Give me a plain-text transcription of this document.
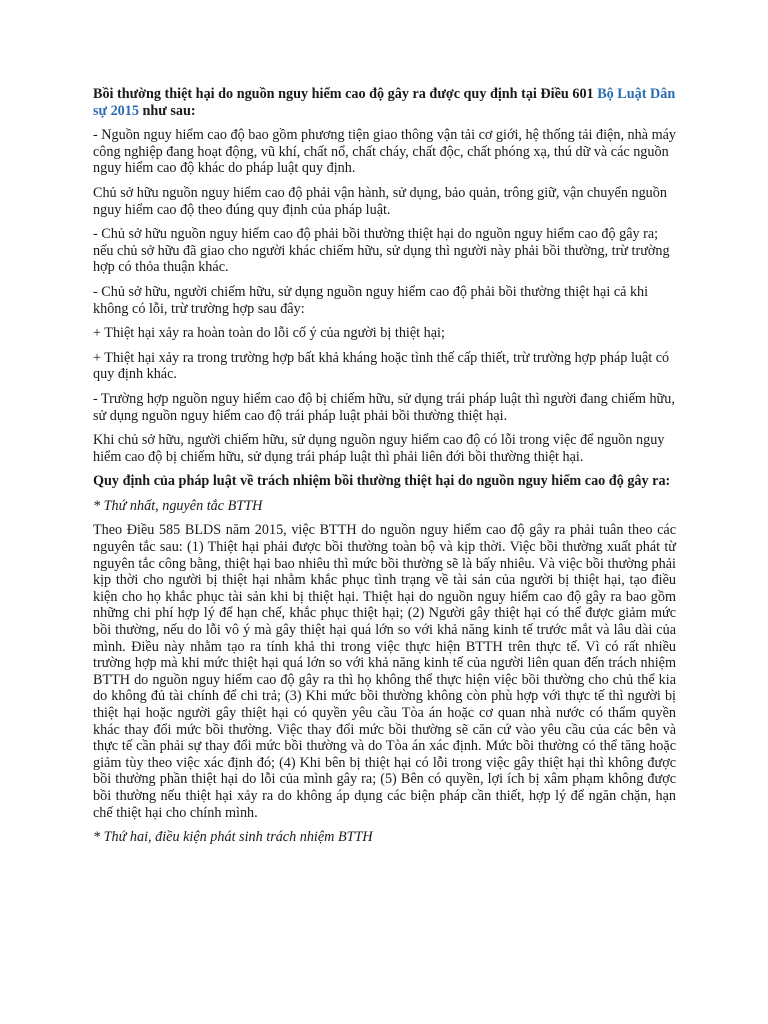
Bồi thường thiệt hại do nguồn nguy hiểm cao độ gây ra được quy định tại Điều 601 Bộ Luật Dân sự 2015 như sau:

- Nguồn nguy hiểm cao độ bao gồm phương tiện giao thông vận tải cơ giới, hệ thống tải điện, nhà máy công nghiệp đang hoạt động, vũ khí, chất nổ, chất cháy, chất độc, chất phóng xạ, thú dữ và các nguồn nguy hiểm cao độ khác do pháp luật quy định.

Chủ sở hữu nguồn nguy hiểm cao độ phải vận hành, sử dụng, bảo quản, trông giữ, vận chuyển nguồn nguy hiểm cao độ theo đúng quy định của pháp luật.

- Chủ sở hữu nguồn nguy hiểm cao độ phải bồi thường thiệt hại do nguồn nguy hiểm cao độ gây ra; nếu chủ sở hữu đã giao cho người khác chiếm hữu, sử dụng thì người này phải bồi thường, trừ trường hợp có thỏa thuận khác.

- Chủ sở hữu, người chiếm hữu, sử dụng nguồn nguy hiểm cao độ phải bồi thường thiệt hại cả khi không có lỗi, trừ trường hợp sau đây:

+ Thiệt hại xảy ra hoàn toàn do lỗi cố ý của người bị thiệt hại;

+ Thiệt hại xảy ra trong trường hợp bất khả kháng hoặc tình thế cấp thiết, trừ trường hợp pháp luật có quy định khác.

- Trường hợp nguồn nguy hiểm cao độ bị chiếm hữu, sử dụng trái pháp luật thì người đang chiếm hữu, sử dụng nguồn nguy hiểm cao độ trái pháp luật phải bồi thường thiệt hại.

Khi chủ sở hữu, người chiếm hữu, sử dụng nguồn nguy hiểm cao độ có lỗi trong việc để nguồn nguy hiểm cao độ bị chiếm hữu, sử dụng trái pháp luật thì phải liên đới bồi thường thiệt hại.

Quy định của pháp luật về trách nhiệm bồi thường thiệt hại do nguồn nguy hiểm cao độ gây ra:

* Thứ nhất, nguyên tắc BTTH

Theo Điều 585 BLDS năm 2015, việc BTTH do nguồn nguy hiểm cao độ gây ra phải tuân theo các nguyên tắc sau: (1) Thiệt hại phải được bồi thường toàn bộ và kịp thời. Việc bồi thường xuất phát từ nguyên tắc công bằng, thiệt hại bao nhiêu thì mức bồi thường sẽ là bấy nhiêu. Và việc bồi thường phải kịp thời cho người bị thiệt hại nhằm khắc phục tình trạng về tài sản của người bị thiệt hại, tạo điều kiện cho họ khắc phục tài sản khi bị thiệt hại. Thiệt hại do nguồn nguy hiểm cao độ gây ra bao gồm những chi phí hợp lý để hạn chế, khắc phục thiệt hại; (2) Người gây thiệt hại có thể được giảm mức bồi thường, nếu do lỗi vô ý mà gây thiệt hại quá lớn so với khả năng kinh tế trước mắt và lâu dài của mình. Điều này nhằm tạo ra tính khả thi trong việc thực hiện BTTH trên thực tế. Vì có rất nhiều trường hợp mà khi mức thiệt hại quá lớn so với khả năng kinh tế của người liên quan đến trách nhiệm BTTH do nguồn nguy hiểm cao độ gây ra thì họ không thể thực hiện việc bồi thường cho chủ thể kia do không đủ tài chính để chi trả; (3) Khi mức bồi thường không còn phù hợp với thực tế thì người bị thiệt hại hoặc người gây thiệt hại có quyền yêu cầu Tòa án hoặc cơ quan nhà nước có thẩm quyền khác thay đổi mức bồi thường. Việc thay đổi mức bồi thường sẽ căn cứ vào yêu cầu của các bên và thực tế cần phải sự thay đổi mức bồi thường và do Tòa án xác định. Mức bồi thường có thể tăng hoặc giảm tùy theo việc xác định đó; (4) Khi bên bị thiệt hại có lỗi trong việc gây thiệt hại thì không được bồi thường phần thiệt hại do lỗi của mình gây ra; (5) Bên có quyền, lợi ích bị xâm phạm không được bồi thường nếu thiệt hại xảy ra do không áp dụng các biện pháp cần thiết, hợp lý để ngăn chặn, hạn chế thiệt hại cho chính mình.

* Thứ hai, điều kiện phát sinh trách nhiệm BTTH
